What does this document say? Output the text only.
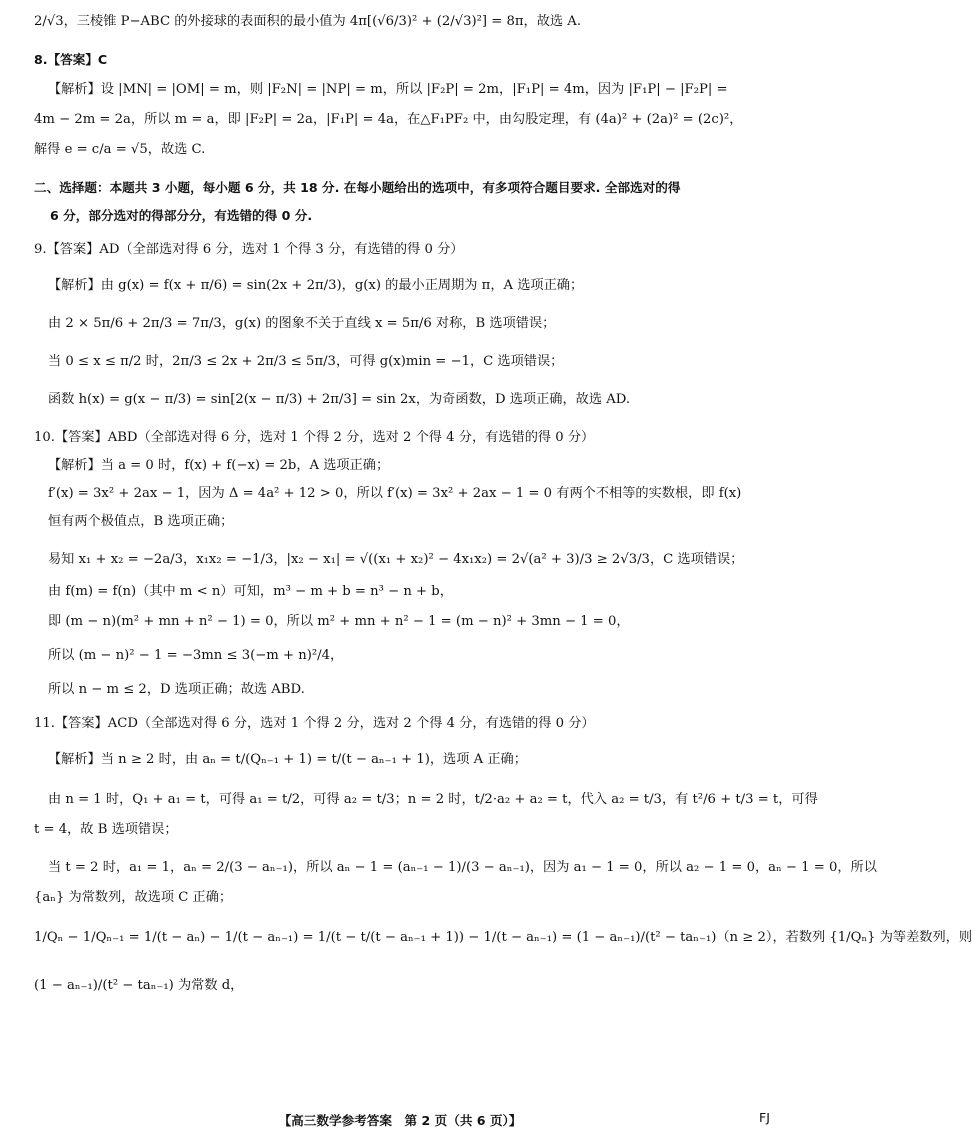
2/√3，三棱锥 P−ABC 的外接球的表面积的最小值为 4π[(√6/3)² + (2/√3)²] = 8π，故选 A.
8.【答案】C
【解析】设 |MN| = |OM| = m，则 |F₂N| = |NP| = m，所以 |F₂P| = 2m，|F₁P| = 4m，因为 |F₁P| − |F₂P| =
4m − 2m = 2a，所以 m = a，即 |F₂P| = 2a，|F₁P| = 4a，在△F₁PF₂ 中，由勾股定理，有 (4a)² + (2a)² = (2c)²，
解得 e = c/a = √5，故选 C.
二、选择题：本题共 3 小题，每小题 6 分，共 18 分. 在每小题给出的选项中，有多项符合题目要求. 全部选对的得
6 分，部分选对的得部分分，有选错的得 0 分.
9.【答案】AD（全部选对得 6 分，选对 1 个得 3 分，有选错的得 0 分）
【解析】由 g(x) = f(x + π/6) = sin(2x + 2π/3)，g(x) 的最小正周期为 π，A 选项正确；
由 2 × 5π/6 + 2π/3 = 7π/3，g(x) 的图象不关于直线 x = 5π/6 对称，B 选项错误；
当 0 ≤ x ≤ π/2 时，2π/3 ≤ 2x + 2π/3 ≤ 5π/3，可得 g(x)min = −1，C 选项错误；
函数 h(x) = g(x − π/3) = sin[2(x − π/3) + 2π/3] = sin 2x，为奇函数，D 选项正确，故选 AD.
10.【答案】ABD（全部选对得 6 分，选对 1 个得 2 分，选对 2 个得 4 分，有选错的得 0 分）
【解析】当 a = 0 时，f(x) + f(−x) = 2b，A 选项正确；
f′(x) = 3x² + 2ax − 1，因为 Δ = 4a² + 12 > 0，所以 f′(x) = 3x² + 2ax − 1 = 0 有两个不相等的实数根，即 f(x)
恒有两个极值点，B 选项正确；
易知 x₁ + x₂ = −2a/3，x₁x₂ = −1/3，|x₂ − x₁| = √((x₁ + x₂)² − 4x₁x₂) = 2√(a² + 3)/3 ≥ 2√3/3，C 选项错误；
由 f(m) = f(n)（其中 m < n）可知，m³ − m + b = n³ − n + b，
即 (m − n)(m² + mn + n² − 1) = 0，所以 m² + mn + n² − 1 = (m − n)² + 3mn − 1 = 0，
所以 (m − n)² − 1 = −3mn ≤ 3(−m + n)²/4，
所以 n − m ≤ 2，D 选项正确；故选 ABD.
11.【答案】ACD（全部选对得 6 分，选对 1 个得 2 分，选对 2 个得 4 分，有选错的得 0 分）
【解析】当 n ≥ 2 时，由 aₙ = t/(Qₙ₋₁ + 1) = t/(t − aₙ₋₁ + 1)，选项 A 正确；
由 n = 1 时，Q₁ + a₁ = t，可得 a₁ = t/2，可得 a₂ = t/3；n = 2 时，t/2·a₂ + a₂ = t，代入 a₂ = t/3，有 t²/6 + t/3 = t，可得
t = 4，故 B 选项错误；
当 t = 2 时，a₁ = 1，aₙ = 2/(3 − aₙ₋₁)，所以 aₙ − 1 = (aₙ₋₁ − 1)/(3 − aₙ₋₁)，因为 a₁ − 1 = 0，所以 a₂ − 1 = 0，aₙ − 1 = 0，所以
{aₙ} 为常数列，故选项 C 正确；
1/Qₙ − 1/Qₙ₋₁ = 1/(t − aₙ) − 1/(t − aₙ₋₁) = 1/(t − t/(t − aₙ₋₁ + 1)) − 1/(t − aₙ₋₁) = (1 − aₙ₋₁)/(t² − taₙ₋₁)（n ≥ 2），若数列 {1/Qₙ} 为等差数列，则
(1 − aₙ₋₁)/(t² − taₙ₋₁) 为常数 d，
【高三数学参考答案　第 2 页（共 6 页）】	FJ
